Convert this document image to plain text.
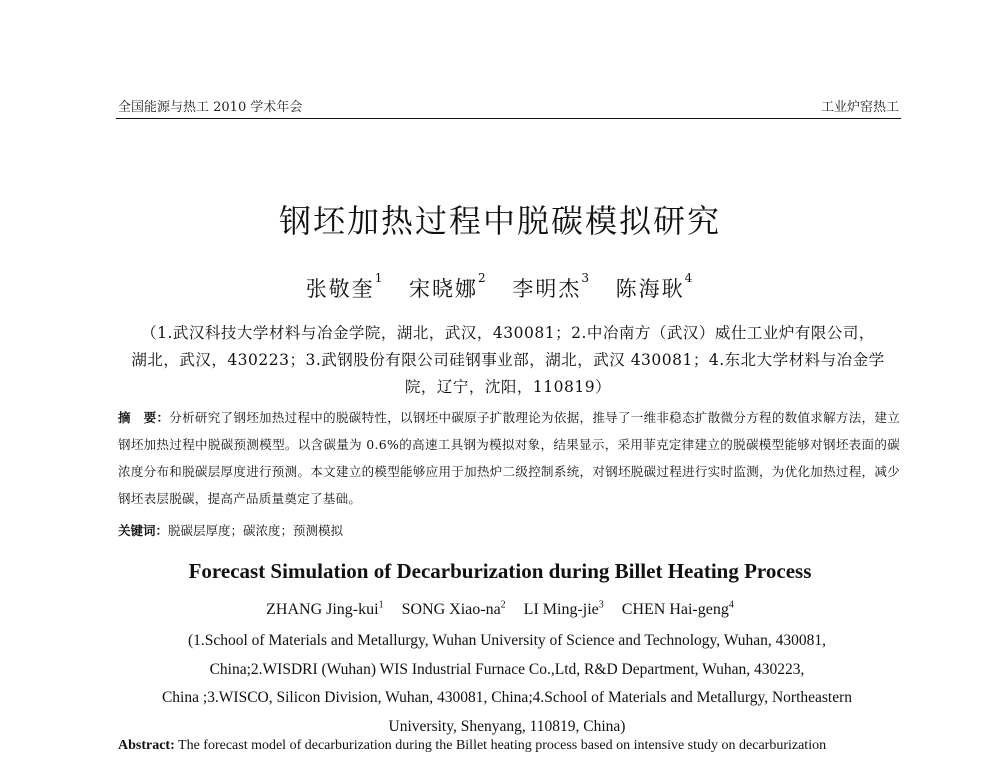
全国能源与热工 2010 学术年会	工业炉窑热工
钢坯加热过程中脱碳模拟研究
张敬奎$^1$ 宋晓娜$^2$ 李明杰$^3$ 陈海耿$^4$
（1.武汉科技大学材料与冶金学院，湖北，武汉，430081；2.中冶南方（武汉）威仕工业炉有限公司，
湖北，武汉，430223；3.武钢股份有限公司硅钢事业部，湖北，武汉 430081；4.东北大学材料与冶金学
院，辽宁，沈阳，110819）
摘　要：分析研究了钢坯加热过程中的脱碳特性，以钢坯中碳原子扩散理论为依据，推导了一维非稳态扩散微分方程的数值求解方法，建立钢坯加热过程中脱碳预测模型。以含碳量为 0.6%的高速工具钢为模拟对象，结果显示，采用菲克定律建立的脱碳模型能够对钢坯表面的碳浓度分布和脱碳层厚度进行预测。本文建立的模型能够应用于加热炉二级控制系统，对钢坯脱碳过程进行实时监测，为优化加热过程，减少钢坯表层脱碳，提高产品质量奠定了基础。
关键词：脱碳层厚度；碳浓度；预测模拟
Forecast Simulation of Decarburization during Billet Heating Process
ZHANG Jing-kui$^1$ SONG Xiao-$na^2$ LI Ming-jie$^3$ CHEN Hai-geng$^4$
(1.School of Materials and Metallurgy, Wuhan University of Science and Technology, Wuhan, 430081,
China;2.WISDRI (Wuhan) WIS Industrial Furnace Co.,Ltd, R&D Department, Wuhan, 430223,
China ;3.WISCO, Silicon Division, Wuhan, 430081, China;4.School of Materials and Metallurgy, Northeastern
University, Shenyang, 110819, China)
Abstract: The forecast model of decarburization during the Billet heating process based on intensive study on decarburization
